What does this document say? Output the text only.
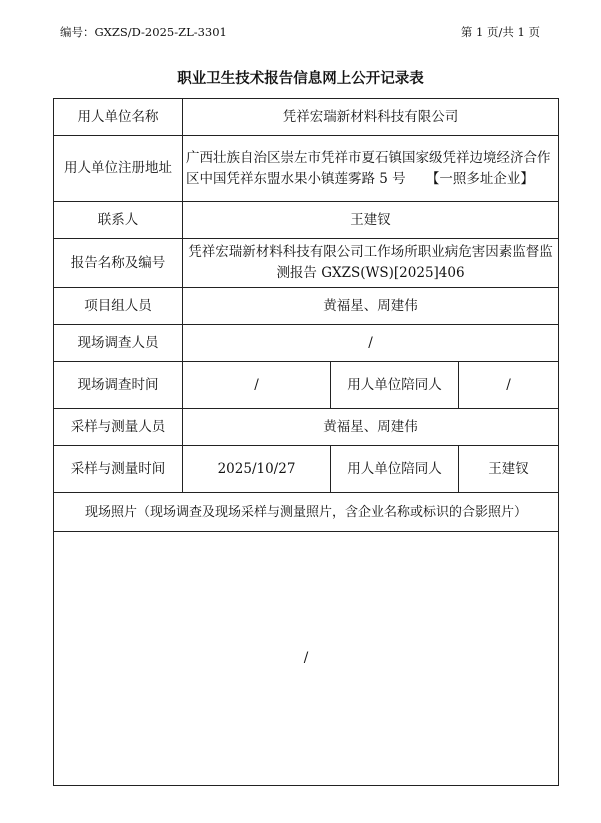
编号：GXZS/D-2025-ZL-3301	第 1 页/共 1 页
职业卫生技术报告信息网上公开记录表
用人单位名称	凭祥宏瑞新材料科技有限公司		
用人单位注册地址	广西壮族自治区崇左市凭祥市夏石镇国家级凭祥边境经济合作区中国凭祥东盟水果小镇莲雾路 5 号　　【一照多址企业】		
联系人	王建钗		
报告名称及编号	凭祥宏瑞新材料科技有限公司工作场所职业病危害因素监督监测报告 GXZS(WS)[2025]406		
项目组人员	黄福星、周建伟		
现场调查人员	/		
现场调查时间	/	用人单位陪同人	/
采样与测量人员	黄福星、周建伟		
采样与测量时间	2025/10/27	用人单位陪同人	王建钗
现场照片（现场调查及现场采样与测量照片，含企业名称或标识的合影照片）			
/			
